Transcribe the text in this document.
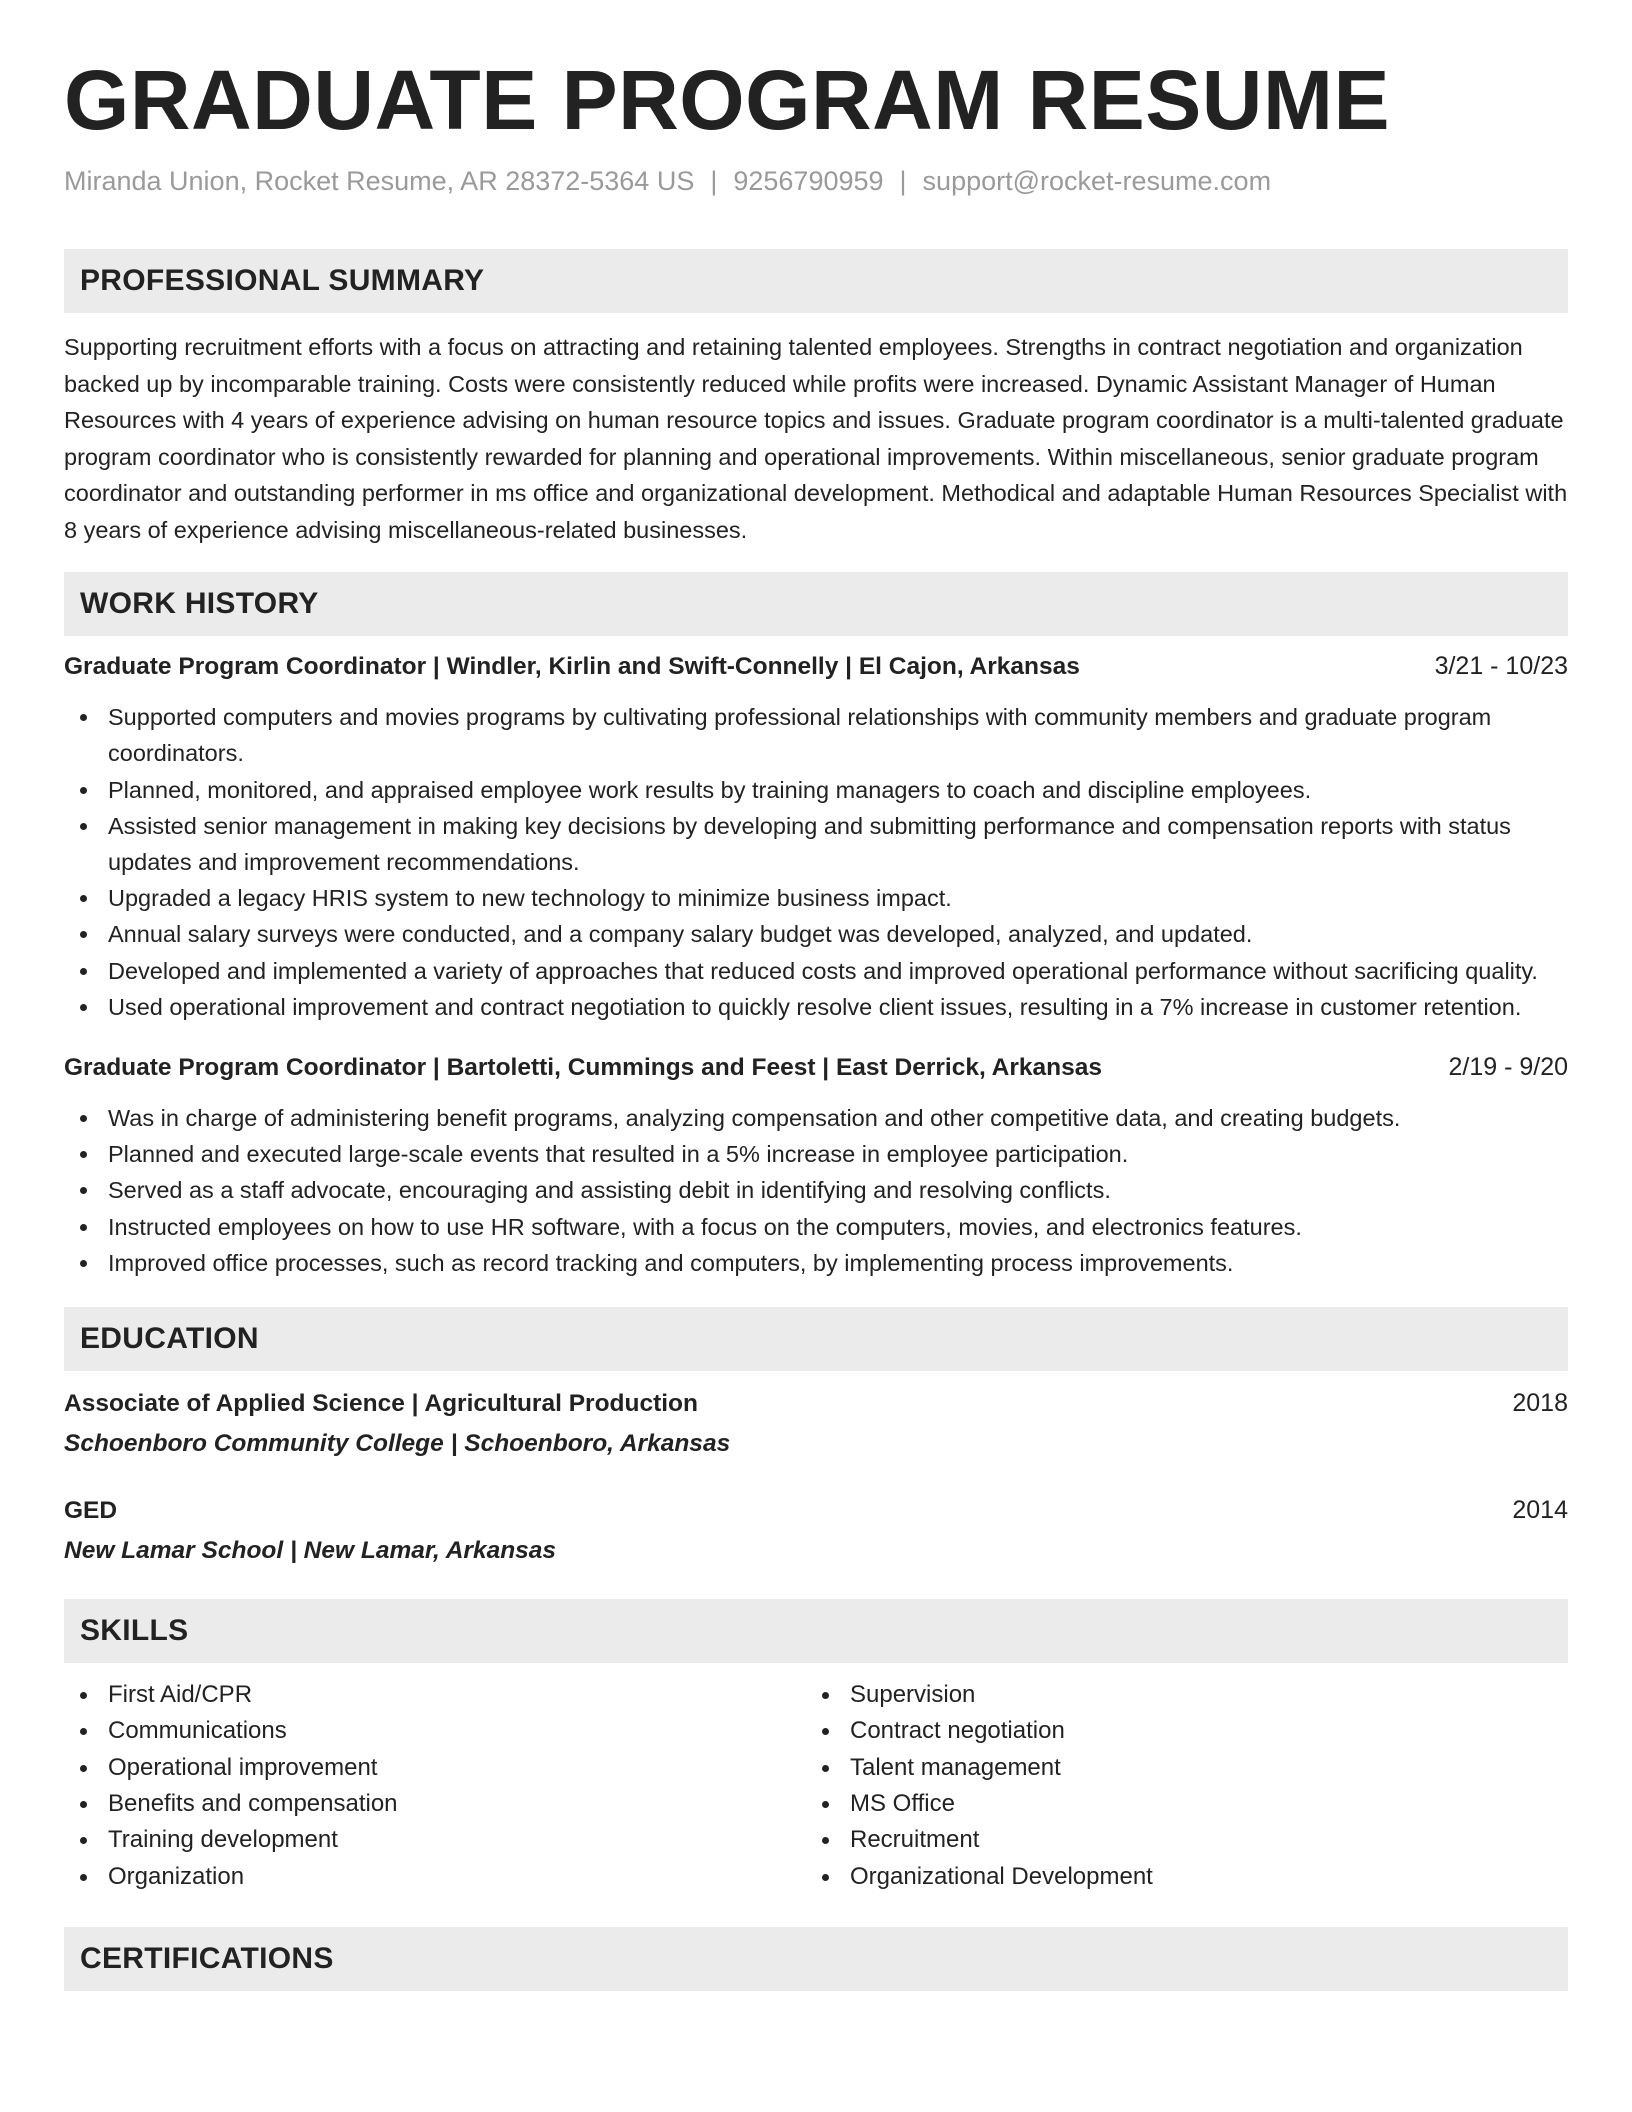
GRADUATE PROGRAM RESUME
Miranda Union, Rocket Resume, AR 28372-5364 US | 9256790959 | support@rocket-resume.com
PROFESSIONAL SUMMARY

Supporting recruitment efforts with a focus on attracting and retaining talented employees. Strengths in contract negotiation and organization backed up by incomparable training. Costs were consistently reduced while profits were increased. Dynamic Assistant Manager of Human Resources with 4 years of experience advising on human resource topics and issues. Graduate program coordinator is a multi-talented graduate program coordinator who is consistently rewarded for planning and operational improvements. Within miscellaneous, senior graduate program coordinator and outstanding performer in ms office and organizational development. Methodical and adaptable Human Resources Specialist with 8 years of experience advising miscellaneous-related businesses.

WORK HISTORY
Graduate Program Coordinator | Windler, Kirlin and Swift-Connelly | El Cajon, Arkansas	3/21 - 10/23
Supported computers and movies programs by cultivating professional relationships with community members and graduate program coordinators.
Planned, monitored, and appraised employee work results by training managers to coach and discipline employees.
Assisted senior management in making key decisions by developing and submitting performance and compensation reports with status updates and improvement recommendations.
Upgraded a legacy HRIS system to new technology to minimize business impact.
Annual salary surveys were conducted, and a company salary budget was developed, analyzed, and updated.
Developed and implemented a variety of approaches that reduced costs and improved operational performance without sacrificing quality.
Used operational improvement and contract negotiation to quickly resolve client issues, resulting in a 7% increase in customer retention.
Graduate Program Coordinator | Bartoletti, Cummings and Feest | East Derrick, Arkansas	2/19 - 9/20
Was in charge of administering benefit programs, analyzing compensation and other competitive data, and creating budgets.
Planned and executed large-scale events that resulted in a 5% increase in employee participation.
Served as a staff advocate, encouraging and assisting debit in identifying and resolving conflicts.
Instructed employees on how to use HR software, with a focus on the computers, movies, and electronics features.
Improved office processes, such as record tracking and computers, by implementing process improvements.
EDUCATION
Associate of Applied Science | Agricultural Production	2018
Schoenboro Community College | Schoenboro, Arkansas
GED	2014
New Lamar School | New Lamar, Arkansas
SKILLS
First Aid/CPR
Communications
Operational improvement
Benefits and compensation
Training development
Organization
Supervision
Contract negotiation
Talent management
MS Office
Recruitment
Organizational Development
CERTIFICATIONS
